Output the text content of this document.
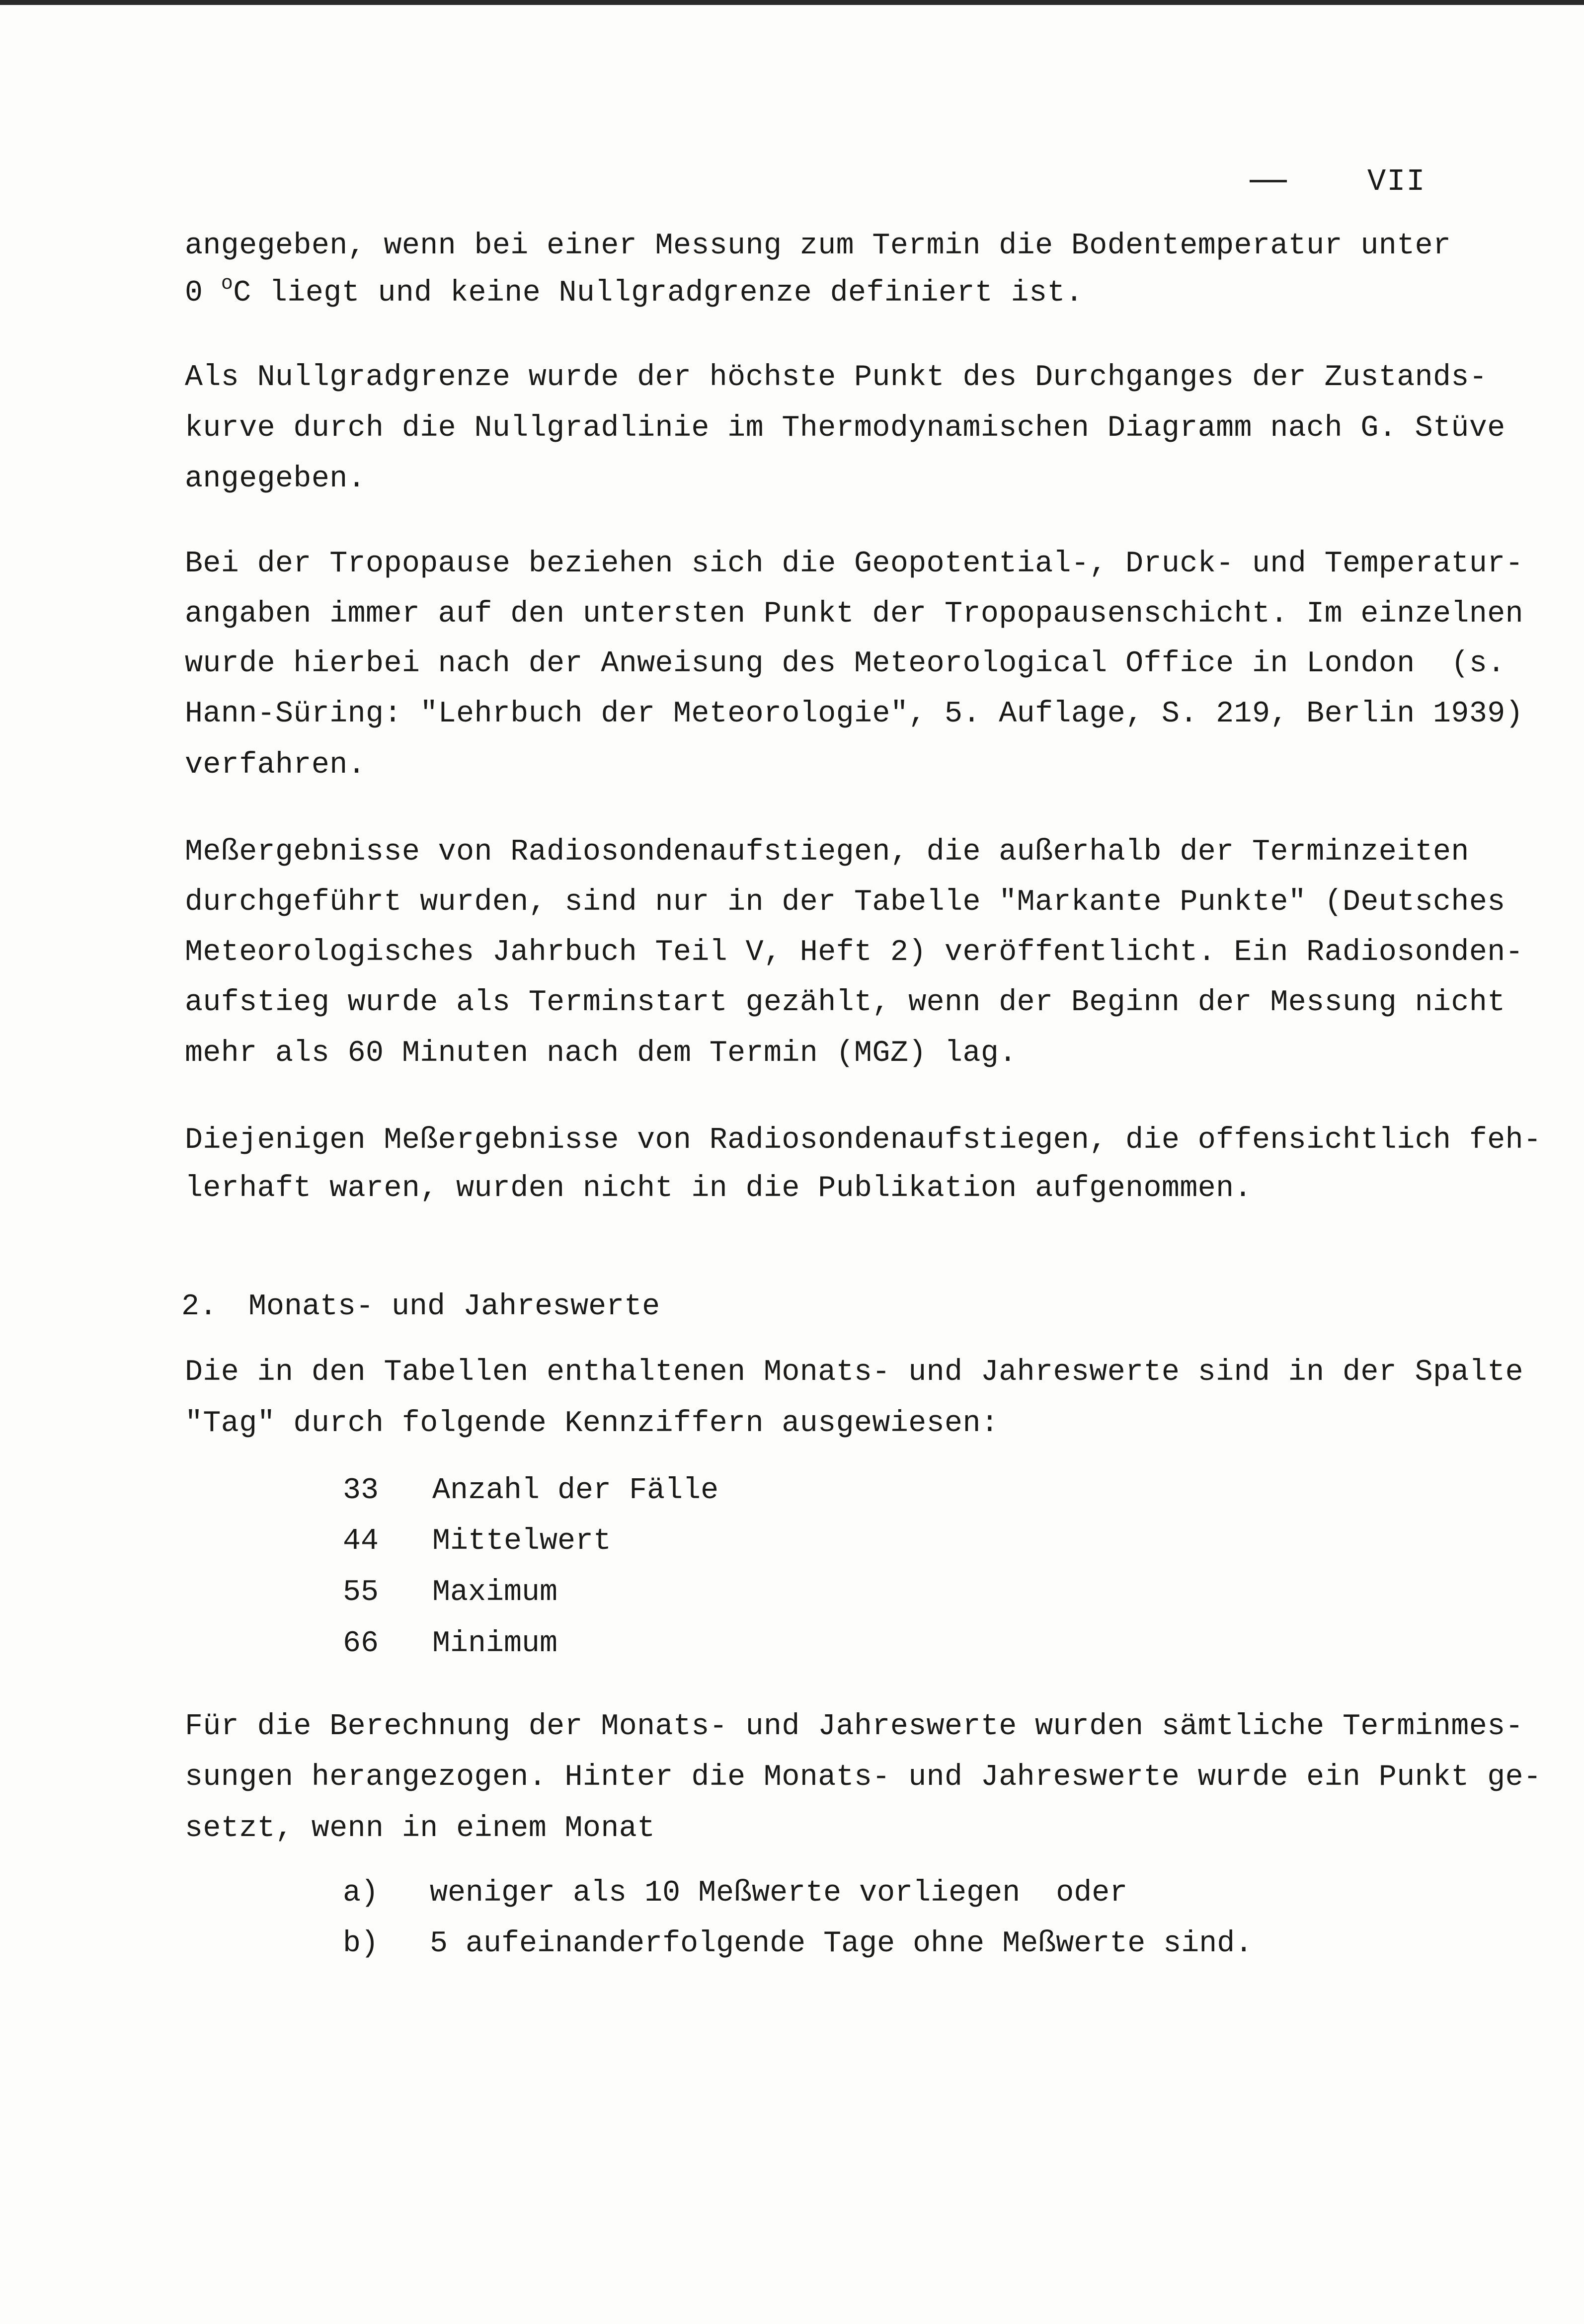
VII
angegeben, wenn bei einer Messung zum Termin die Bodentemperatur unter
0 $^o$C liegt und keine Nullgradgrenze definiert ist.
Als Nullgradgrenze wurde der höchste Punkt des Durchganges der Zustands-
kurve durch die Nullgradlinie im Thermodynamischen Diagramm nach G. Stüve
angegeben.
Bei der Tropopause beziehen sich die Geopotential-, Druck- und Temperatur-
angaben immer auf den untersten Punkt der Tropopausenschicht. Im einzelnen
wurde hierbei nach der Anweisung des Meteorological Office in London  (s.
Hann-Süring: "Lehrbuch der Meteorologie", 5. Auflage, S. 219, Berlin 1939)
verfahren.
Meßergebnisse von Radiosondenaufstiegen, die außerhalb der Terminzeiten
durchgeführt wurden, sind nur in der Tabelle "Markante Punkte" (Deutsches
Meteorologisches Jahrbuch Teil V, Heft 2) veröffentlicht. Ein Radiosonden-
aufstieg wurde als Terminstart gezählt, wenn der Beginn der Messung nicht
mehr als 60 Minuten nach dem Termin (MGZ) lag.
Diejenigen Meßergebnisse von Radiosondenaufstiegen, die offensichtlich feh-
lerhaft waren, wurden nicht in die Publikation aufgenommen.
2. Monats- und Jahreswerte
Die in den Tabellen enthaltenen Monats- und Jahreswerte sind in der Spalte
"Tag" durch folgende Kennziffern ausgewiesen:
33 Anzahl der Fälle
44 Mittelwert
55 Maximum
66 Minimum
Für die Berechnung der Monats- und Jahreswerte wurden sämtliche Terminmes-
sungen herangezogen. Hinter die Monats- und Jahreswerte wurde ein Punkt ge-
setzt, wenn in einem Monat
a) weniger als 10 Meßwerte vorliegen  oder
b) 5 aufeinanderfolgende Tage ohne Meßwerte sind.
